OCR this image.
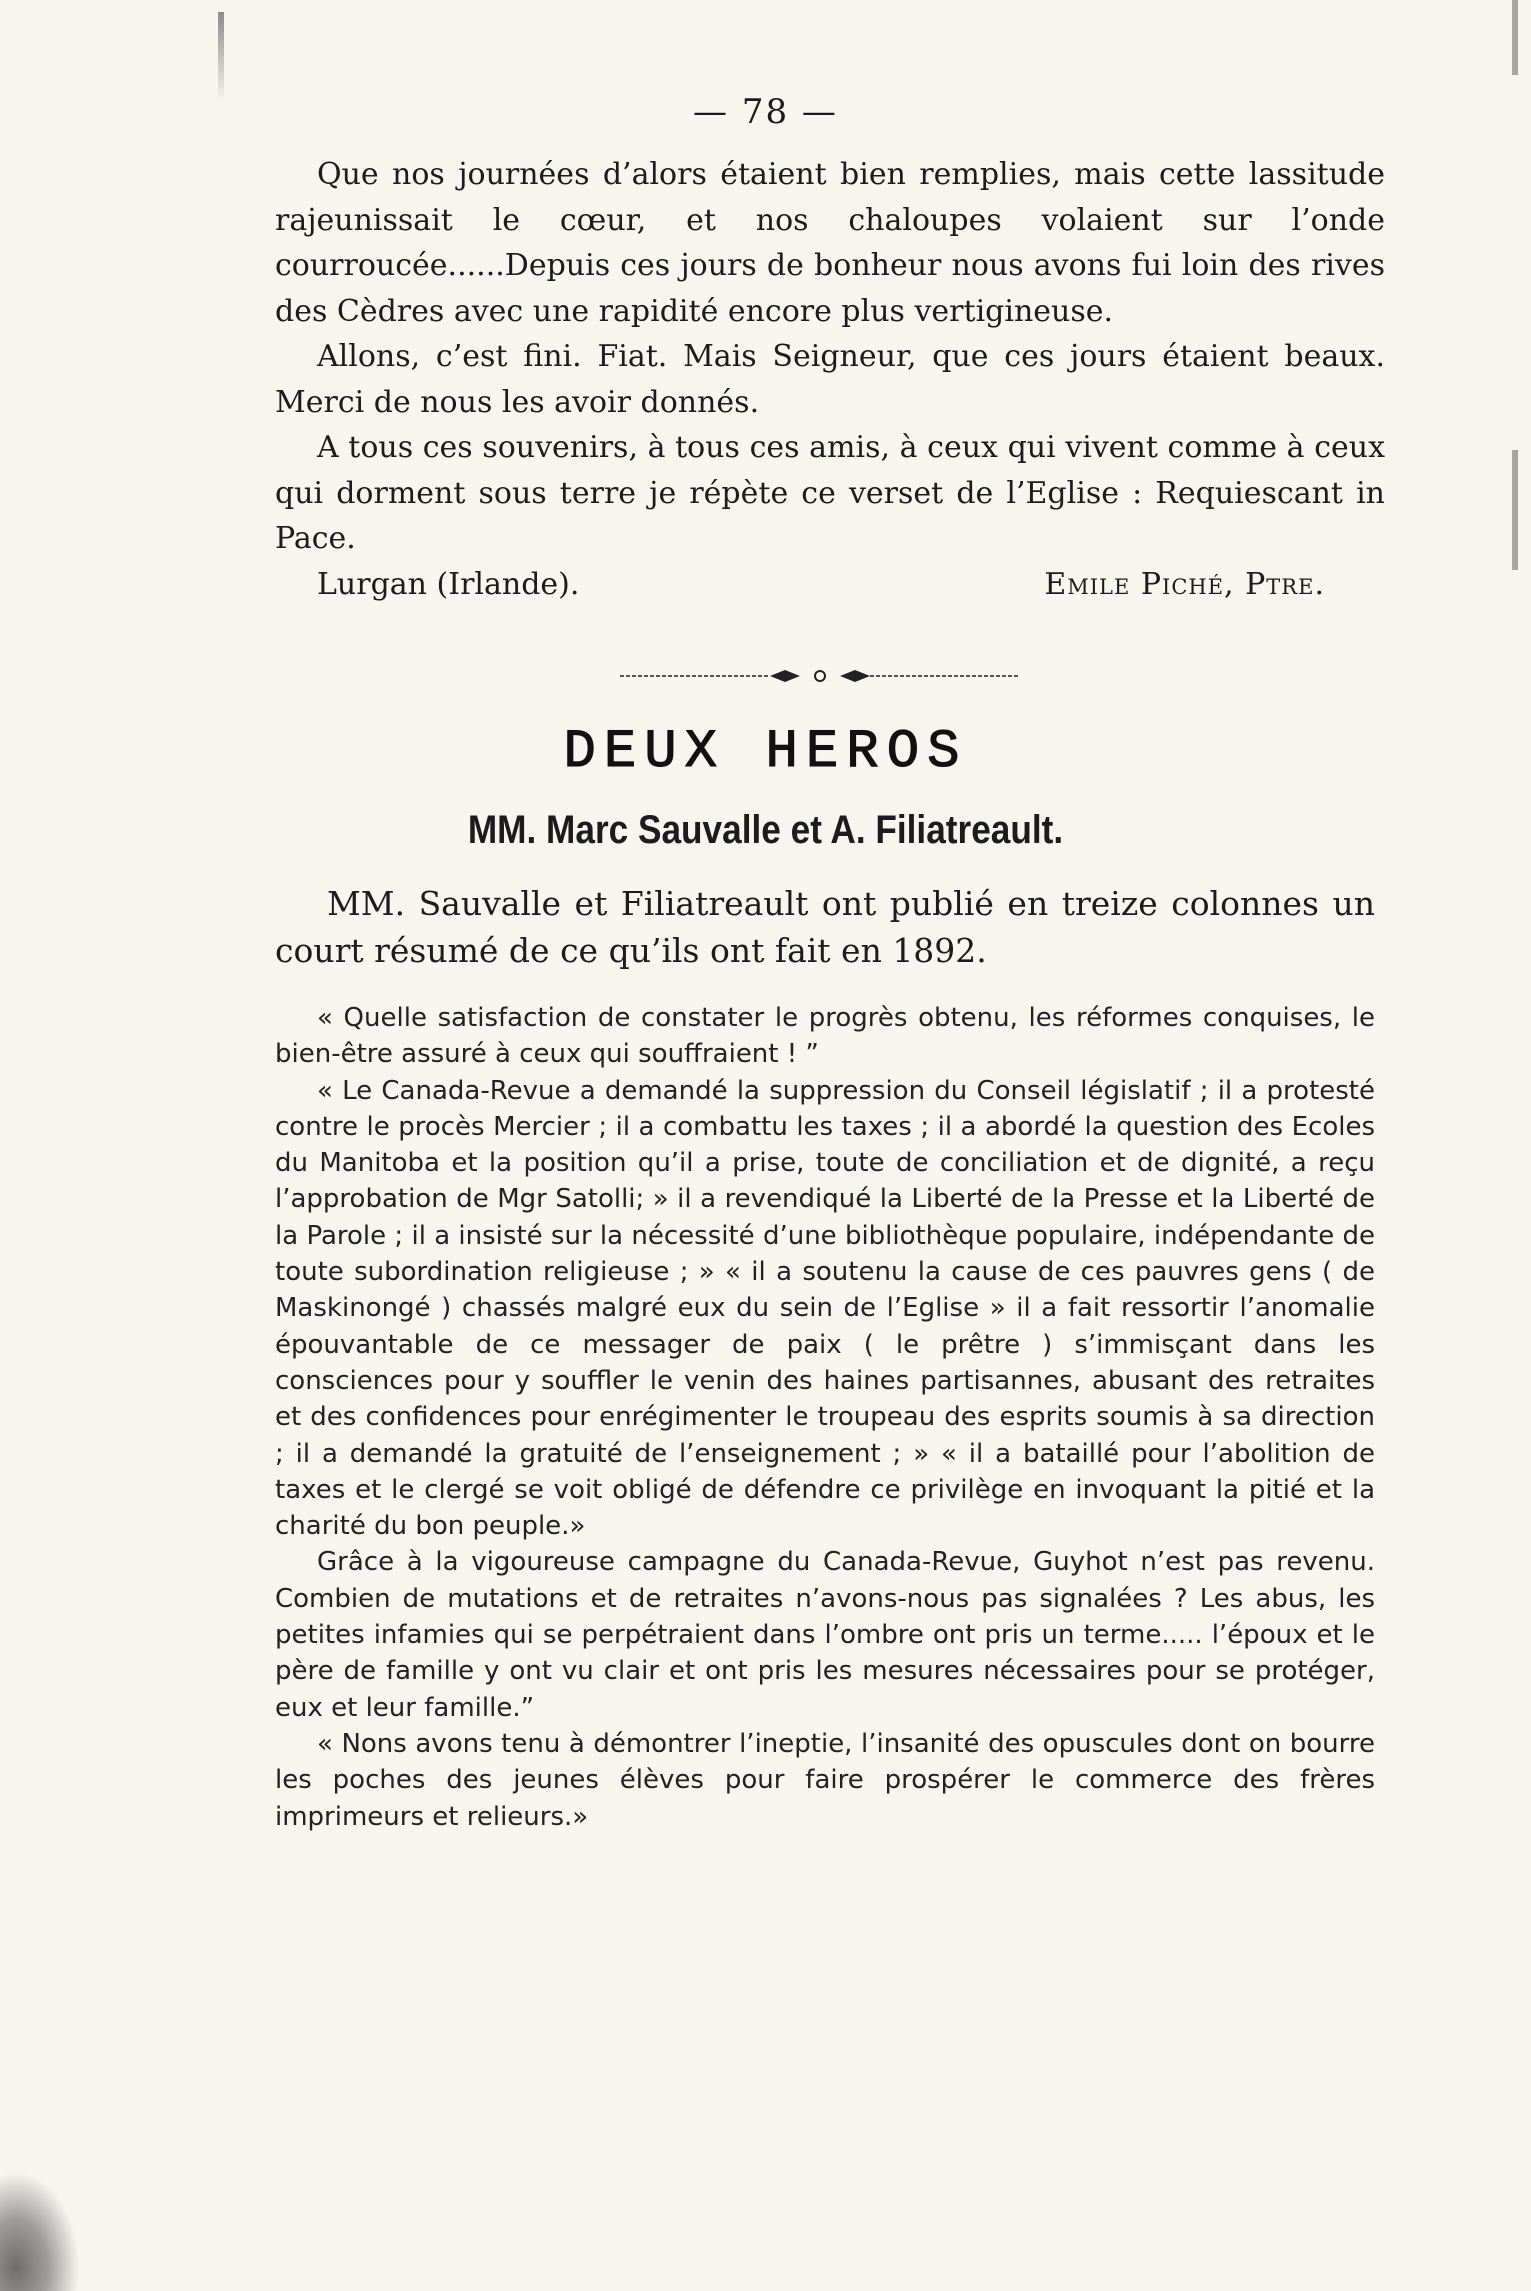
— 78 —

Que nos journées d’alors étaient bien remplies, mais cette lassitude rajeunissait le cœur, et nos chaloupes volaient sur l’onde courroucée......Depuis ces jours de bonheur nous avons fui loin des rives des Cèdres avec une rapidité encore plus vertigineuse.

Allons, c’est fini. Fiat. Mais Seigneur, que ces jours étaient beaux. Merci de nous les avoir donnés.

A tous ces souvenirs, à tous ces amis, à ceux qui vivent comme à ceux qui dorment sous terre je répète ce verset de l’Eglise : Requiescant in Pace.

Lurgan (Irlande).	Emile Piché, Ptre.
DEUX HEROS
MM. Marc Sauvalle et A. Filiatreault.

MM. Sauvalle et Filiatreault ont publié en treize colonnes un court résumé de ce qu’ils ont fait en 1892.

« Quelle satisfaction de constater le progrès obtenu, les réformes conquises, le bien-être assuré à ceux qui souffraient ! ”

« Le Canada-Revue a demandé la suppression du Conseil législatif ; il a protesté contre le procès Mercier ; il a combattu les taxes ; il a abordé la question des Ecoles du Manitoba et la position qu’il a prise, toute de conciliation et de dignité, a reçu l’approbation de Mgr Satolli; » il a revendiqué la Liberté de la Presse et la Liberté de la Parole ; il a insisté sur la nécessité d’une bibliothèque populaire, indépendante de toute subordination religieuse ; » « il a soutenu la cause de ces pauvres gens ( de Maskinongé ) chassés malgré eux du sein de l’Eglise » il a fait ressortir l’anomalie épouvantable de ce messager de paix ( le prêtre ) s’immisçant dans les consciences pour y souffler le venin des haines partisannes, abusant des retraites et des confidences pour enrégimenter le troupeau des esprits soumis à sa direction ; il a demandé la gratuité de l’enseignement ; » « il a bataillé pour l’abolition de taxes et le clergé se voit obligé de défendre ce privilège en invoquant la pitié et la charité du bon peuple.»

Grâce à la vigoureuse campagne du Canada-Revue, Guyhot n’est pas revenu. Combien de mutations et de retraites n’avons-nous pas signalées ? Les abus, les petites infamies qui se perpétraient dans l’ombre ont pris un terme..... l’époux et le père de famille y ont vu clair et ont pris les mesures nécessaires pour se protéger, eux et leur famille.”

« Nons avons tenu à démontrer l’ineptie, l’insanité des opuscules dont on bourre les poches des jeunes élèves pour faire prospérer le commerce des frères imprimeurs et relieurs.»
